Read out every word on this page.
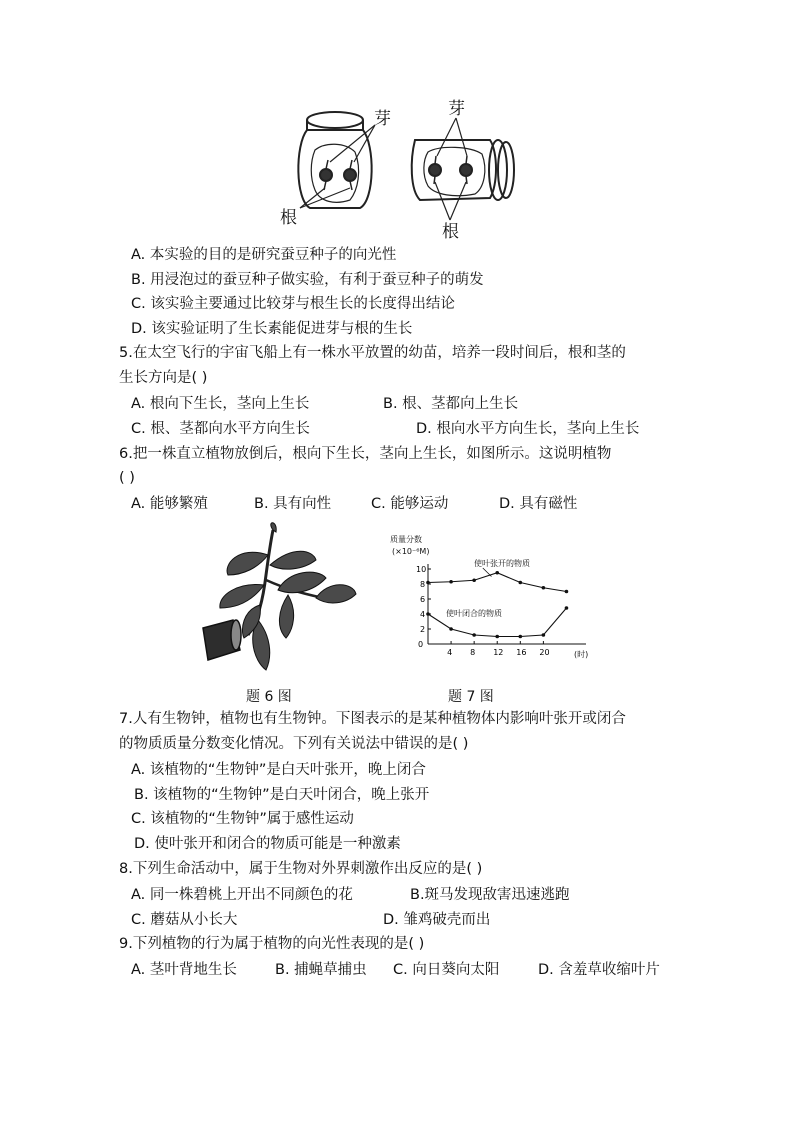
芽
根
芽
根
A. 本实验的目的是研究蚕豆种子的向光性
B. 用浸泡过的蚕豆种子做实验，有利于蚕豆种子的萌发
C. 该实验主要通过比较芽与根生长的长度得出结论
D. 该实验证明了生长素能促进芽与根的生长
5.在太空飞行的宇宙飞船上有一株水平放置的幼苗，培养一段时间后，根和茎的
生长方向是( )
A. 根向下生长，茎向上生长	B. 根、茎都向上生长
C. 根、茎都向水平方向生长	D. 根向水平方向生长，茎向上生长
6.把一株直立植物放倒后，根向下生长，茎向上生长，如图所示。这说明植物
( )
A. 能够繁殖	B. 具有向性	C. 能够运动	D. 具有磁性
质量分数
(×10⁻⁶M)
0
4 8 12 16 20
2
4
6
8
10
(时)
使叶张开的物质
使叶闭合的物质
题 6 图	题 7 图
7.人有生物钟，植物也有生物钟。下图表示的是某种植物体内影响叶张开或闭合
的物质质量分数变化情况。下列有关说法中错误的是( )
A. 该植物的“生物钟”是白天叶张开，晚上闭合
B. 该植物的“生物钟”是白天叶闭合，晚上张开
C. 该植物的“生物钟”属于感性运动
D. 使叶张开和闭合的物质可能是一种激素
8.下列生命活动中，属于生物对外界刺激作出反应的是( )
A. 同一株碧桃上开出不同颜色的花	B.斑马发现敌害迅速逃跑
C. 蘑菇从小长大	D. 雏鸡破壳而出
9.下列植物的行为属于植物的向光性表现的是( )
A. 茎叶背地生长	B. 捕蝇草捕虫 C. 向日葵向太阳	D. 含羞草收缩叶片
